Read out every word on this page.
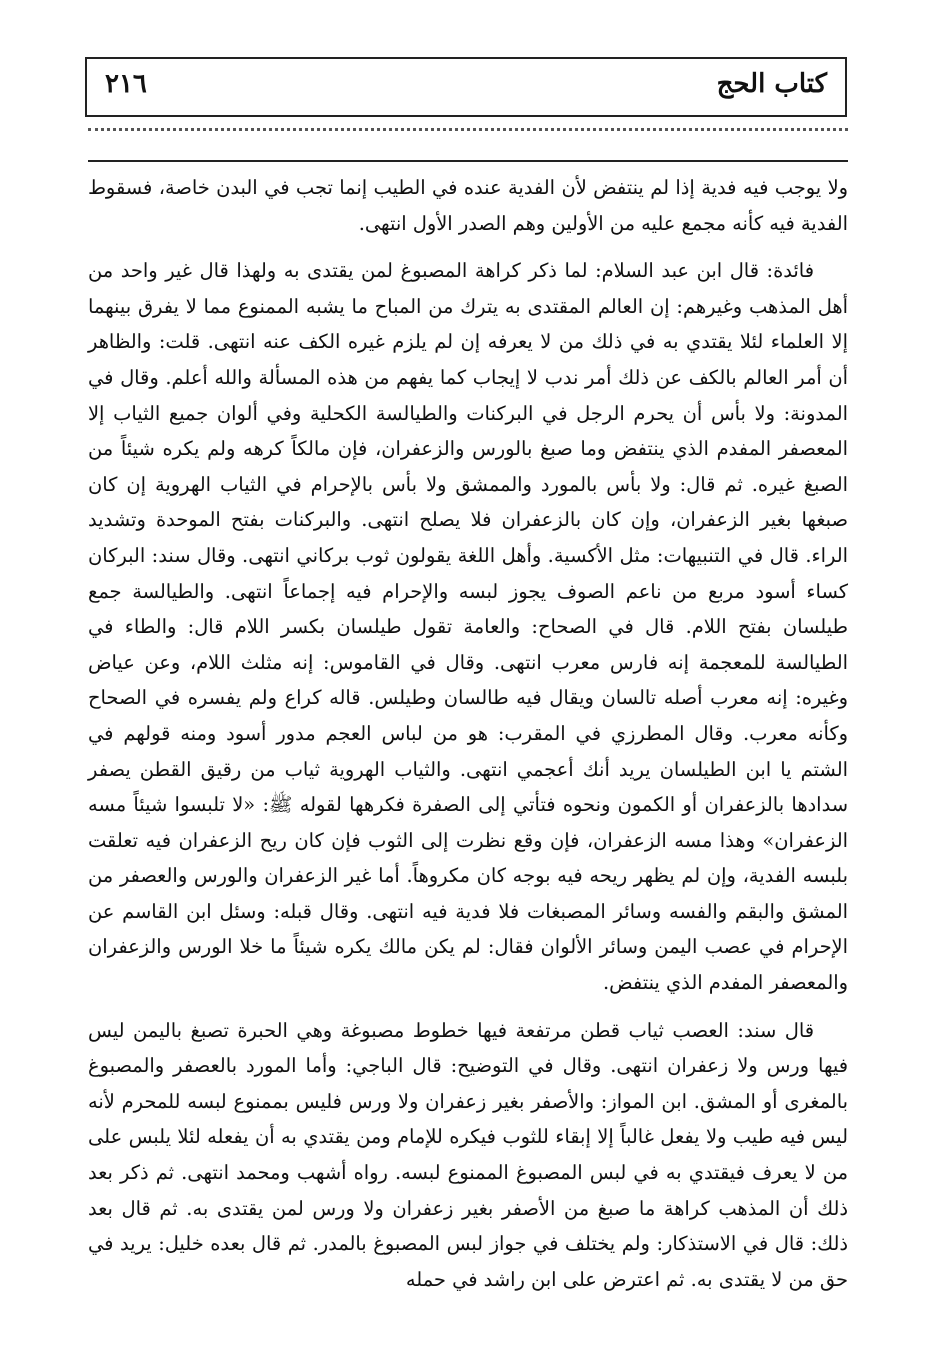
كتاب الحج
٢١٦

ولا يوجب فيه فدية إذا لم ينتفض لأن الفدية عنده في الطيب إنما تجب في البدن خاصة، فسقوط الفدية فيه كأنه مجمع عليه من الأولين وهم الصدر الأول انتهى.

فائدة: قال ابن عبد السلام: لما ذكر كراهة المصبوغ لمن يقتدى به ولهذا قال غير واحد من أهل المذهب وغيرهم: إن العالم المقتدى به يترك من المباح ما يشبه الممنوع مما لا يفرق بينهما إلا العلماء لئلا يقتدي به في ذلك من لا يعرفه إن لم يلزم غيره الكف عنه انتهى. قلت: والظاهر أن أمر العالم بالكف عن ذلك أمر ندب لا إيجاب كما يفهم من هذه المسألة والله أعلم. وقال في المدونة: ولا بأس أن يحرم الرجل في البركنات والطيالسة الكحلية وفي ألوان جميع الثياب إلا المعصفر المفدم الذي ينتفض وما صبغ بالورس والزعفران، فإن مالكاً كرهه ولم يكره شيئاً من الصبغ غيره. ثم قال: ولا بأس بالمورد والممشق ولا بأس بالإحرام في الثياب الهروية إن كان صبغها بغير الزعفران، وإن كان بالزعفران فلا يصلح انتهى. والبركنات بفتح الموحدة وتشديد الراء. قال في التنبيهات: مثل الأكسية. وأهل اللغة يقولون ثوب بركاني انتهى. وقال سند: البركان كساء أسود مربع من ناعم الصوف يجوز لبسه والإحرام فيه إجماعاً انتهى. والطيالسة جمع طيلسان بفتح اللام. قال في الصحاح: والعامة تقول طيلسان بكسر اللام قال: والطاء في الطيالسة للمعجمة إنه فارس معرب انتهى. وقال في القاموس: إنه مثلث اللام، وعن عياض وغيره: إنه معرب أصله تالسان ويقال فيه طالسان وطيلس. قاله كراع ولم يفسره في الصحاح وكأنه معرب. وقال المطرزي في المقرب: هو من لباس العجم مدور أسود ومنه قولهم في الشتم يا ابن الطيلسان يريد أنك أعجمي انتهى. والثياب الهروية ثياب من رقيق القطن يصفر سدادها بالزعفران أو الكمون ونحوه فتأتي إلى الصفرة فكرهها لقوله ﷺ: «لا تلبسوا شيئاً مسه الزعفران» وهذا مسه الزعفران، فإن وقع نظرت إلى الثوب فإن كان ريح الزعفران فيه تعلقت بلبسه الفدية، وإن لم يظهر ريحه فيه بوجه كان مكروهاً. أما غير الزعفران والورس والعصفر من المشق والبقم والفسه وسائر المصبغات فلا فدية فيه انتهى. وقال قبله: وسئل ابن القاسم عن الإحرام في عصب اليمن وسائر الألوان فقال: لم يكن مالك يكره شيئاً ما خلا الورس والزعفران والمعصفر المفدم الذي ينتفض.

قال سند: العصب ثياب قطن مرتفعة فيها خطوط مصبوغة وهي الحبرة تصبغ باليمن ليس فيها ورس ولا زعفران انتهى. وقال في التوضيح: قال الباجي: وأما المورد بالعصفر والمصبوغ بالمغرى أو المشق. ابن المواز: والأصفر بغير زعفران ولا ورس فليس بممنوع لبسه للمحرم لأنه ليس فيه طيب ولا يفعل غالباً إلا إبقاء للثوب فيكره للإمام ومن يقتدي به أن يفعله لئلا يلبس على من لا يعرف فيقتدي به في لبس المصبوغ الممنوع لبسه. رواه أشهب ومحمد انتهى. ثم ذكر بعد ذلك أن المذهب كراهة ما صبغ من الأصفر بغير زعفران ولا ورس لمن يقتدى به. ثم قال بعد ذلك: قال في الاستذكار: ولم يختلف في جواز لبس المصبوغ بالمدر. ثم قال بعده خليل: يريد في حق من لا يقتدى به. ثم اعترض على ابن راشد في حمله
